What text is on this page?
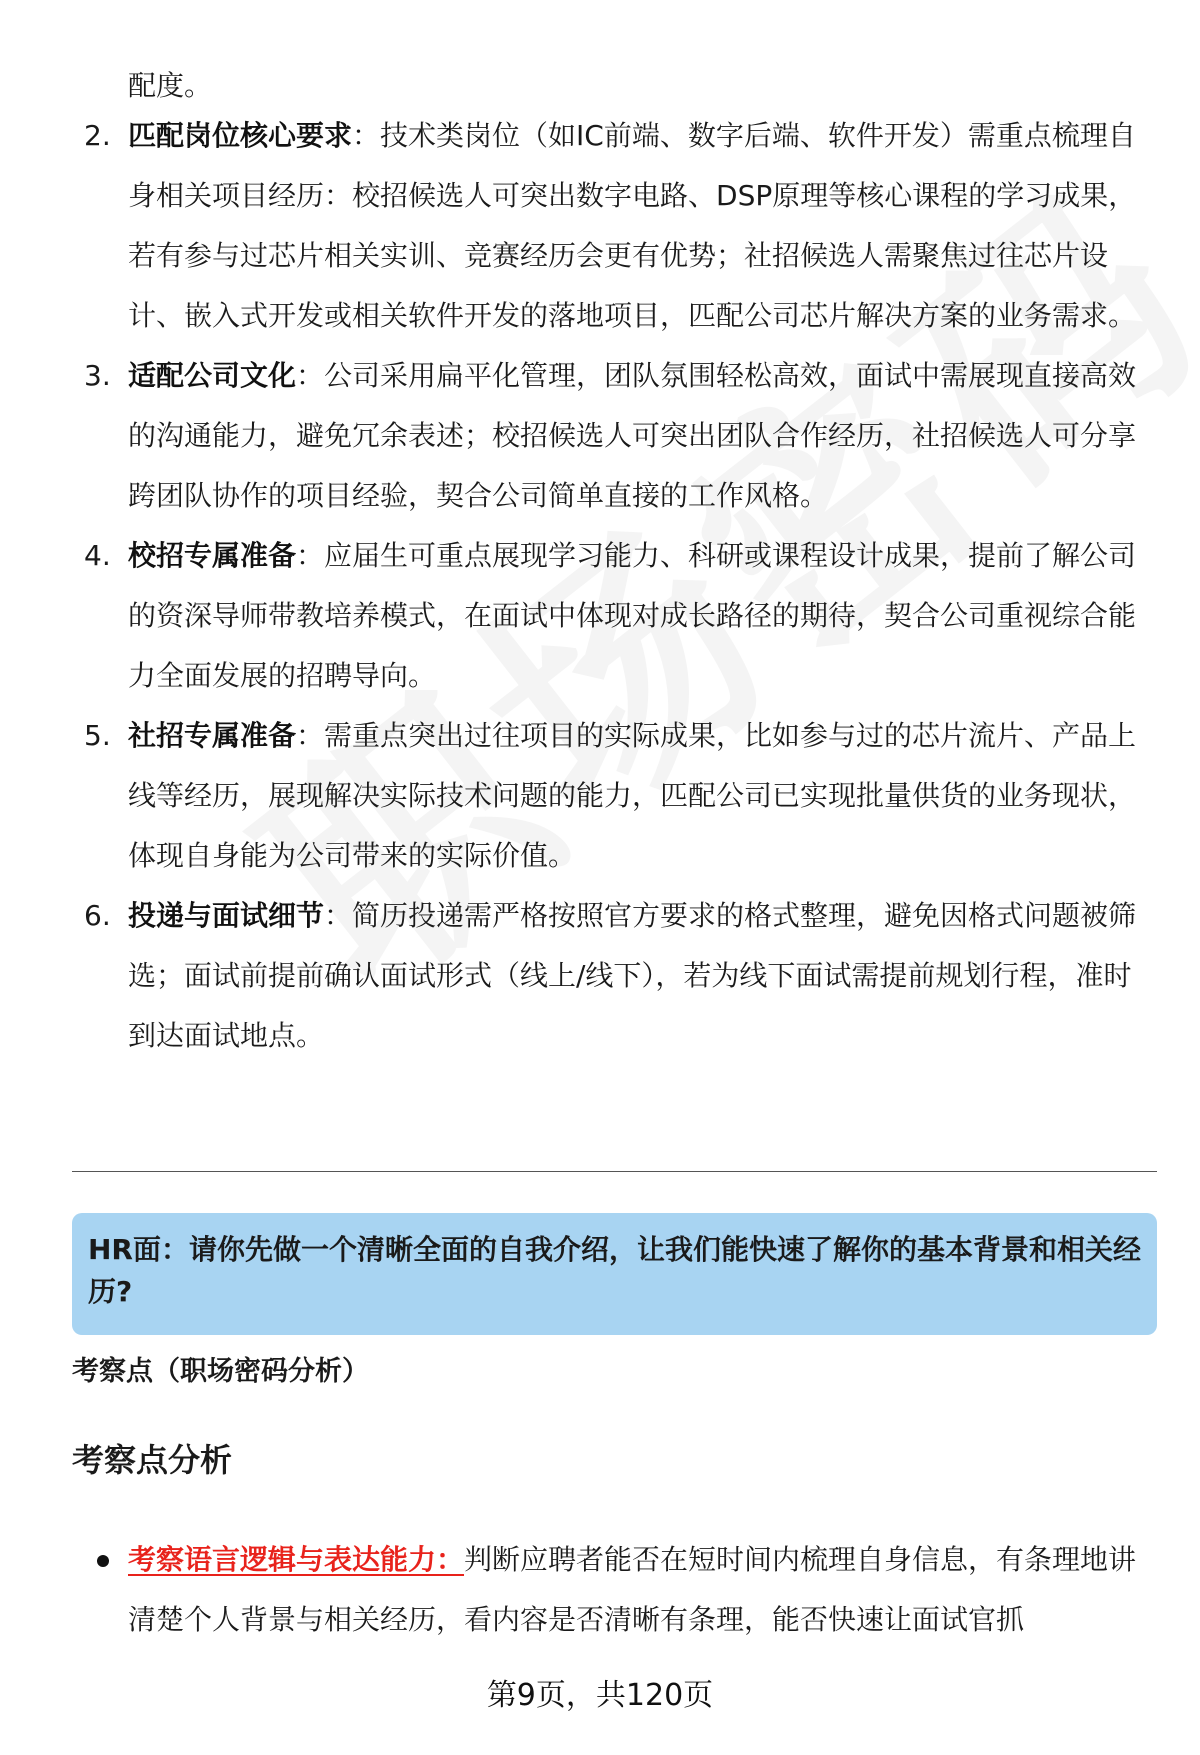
配度。
2. 匹配岗位核心要求：技术类岗位（如IC前端、数字后端、软件开发）需重点梳理自身相关项目经历：校招候选人可突出数字电路、DSP原理等核心课程的学习成果，若有参与过芯片相关实训、竞赛经历会更有优势；社招候选人需聚焦过往芯片设计、嵌入式开发或相关软件开发的落地项目，匹配公司芯片解决方案的业务需求。
3. 适配公司文化：公司采用扁平化管理，团队氛围轻松高效，面试中需展现直接高效的沟通能力，避免冗余表述；校招候选人可突出团队合作经历，社招候选人可分享跨团队协作的项目经验，契合公司简单直接的工作风格。
4. 校招专属准备：应届生可重点展现学习能力、科研或课程设计成果，提前了解公司的资深导师带教培养模式，在面试中体现对成长路径的期待，契合公司重视综合能力全面发展的招聘导向。
5. 社招专属准备：需重点突出过往项目的实际成果，比如参与过的芯片流片、产品上线等经历，展现解决实际技术问题的能力，匹配公司已实现批量供货的业务现状，体现自身能为公司带来的实际价值。
6. 投递与面试细节：简历投递需严格按照官方要求的格式整理，避免因格式问题被筛选；面试前提前确认面试形式（线上/线下），若为线下面试需提前规划行程，准时到达面试地点。
HR面：请你先做一个清晰全面的自我介绍，让我们能快速了解你的基本背景和相关经历?
考察点（职场密码分析）
考察点分析
考察语言逻辑与表达能力：判断应聘者能否在短时间内梳理自身信息，有条理地讲清楚个人背景与相关经历，看内容是否清晰有条理，能否快速让面试官抓
第9页，共120页
